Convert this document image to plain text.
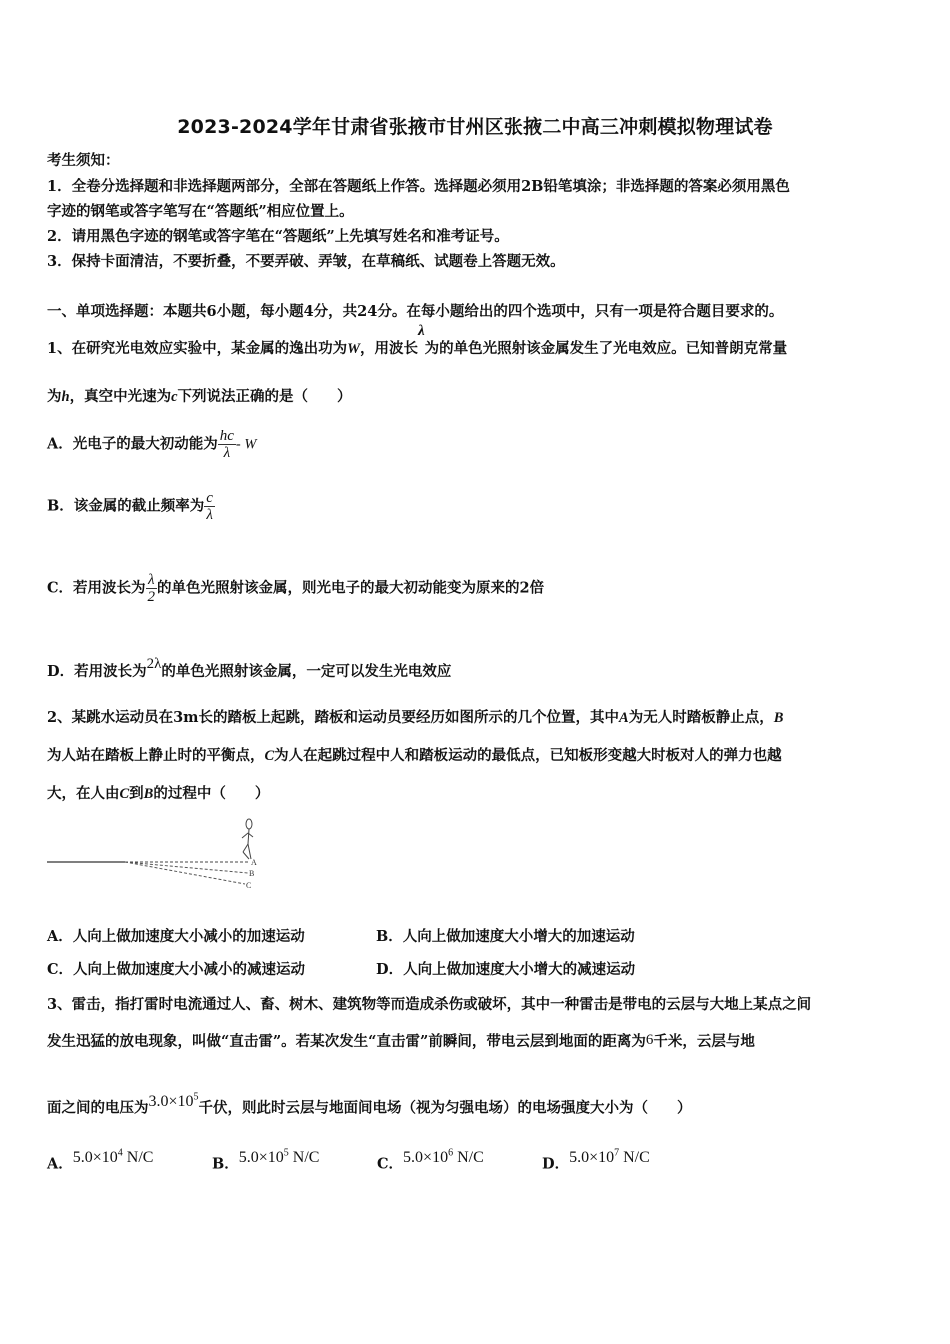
2023-2024学年甘肃省张掖市甘州区张掖二中高三冲刺模拟物理试卷
考生须知：
1．全卷分选择题和非选择题两部分，全部在答题纸上作答。选择题必须用2B铅笔填涂；非选择题的答案必须用黑色
字迹的钢笔或答字笔写在“答题纸”相应位置上。
2．请用黑色字迹的钢笔或答字笔在“答题纸”上先填写姓名和准考证号。
3．保持卡面清洁，不要折叠，不要弄破、弄皱，在草稿纸、试题卷上答题无效。
一、单项选择题：本题共6小题，每小题4分，共24分。在每小题给出的四个选项中，只有一项是符合题目要求的。
1、在研究光电效应实验中，某金属的逸出功为W，用波长λ为的单色光照射该金属发生了光电效应。已知普朗克常量
为h，真空中光速为c下列说法正确的是（　　）
A．光电子的最大初动能为 $\frac{hc}{\lambda}$ - W
B．该金属的截止频率为 $\frac{c}{\lambda}$
C．若用波长为 $\frac{\lambda}{2}$ 的单色光照射该金属，则光电子的最大初动能变为原来的2倍
D．若用波长为2λ的单色光照射该金属，一定可以发生光电效应
2、某跳水运动员在3m长的踏板上起跳，踏板和运动员要经历如图所示的几个位置，其中A为无人时踏板静止点，B
为人站在踏板上静止时的平衡点，C为人在起跳过程中人和踏板运动的最低点，已知板形变越大时板对人的弹力也越
大，在人由C到B的过程中（　　）
A
B
C
A．人向上做加速度大小减小的加速运动	B．人向上做加速度大小增大的加速运动
C．人向上做加速度大小减小的减速运动	D．人向上做加速度大小增大的减速运动
3、雷击，指打雷时电流通过人、畜、树木、建筑物等而造成杀伤或破坏，其中一种雷击是带电的云层与大地上某点之间
发生迅猛的放电现象，叫做“直击雷”。若某次发生“直击雷”前瞬间，带电云层到地面的距离为6千米，云层与地
面之间的电压为$3.0\times 10^5$千伏，则此时云层与地面间电场（视为匀强电场）的电场强度大小为（　　）
A．$5.0\times 10^4$ N/C	B．$5.0\times 10^5$ N/C	C．$5.0\times 10^6$ N/C	D．$5.0\times 10^7$ N/C
